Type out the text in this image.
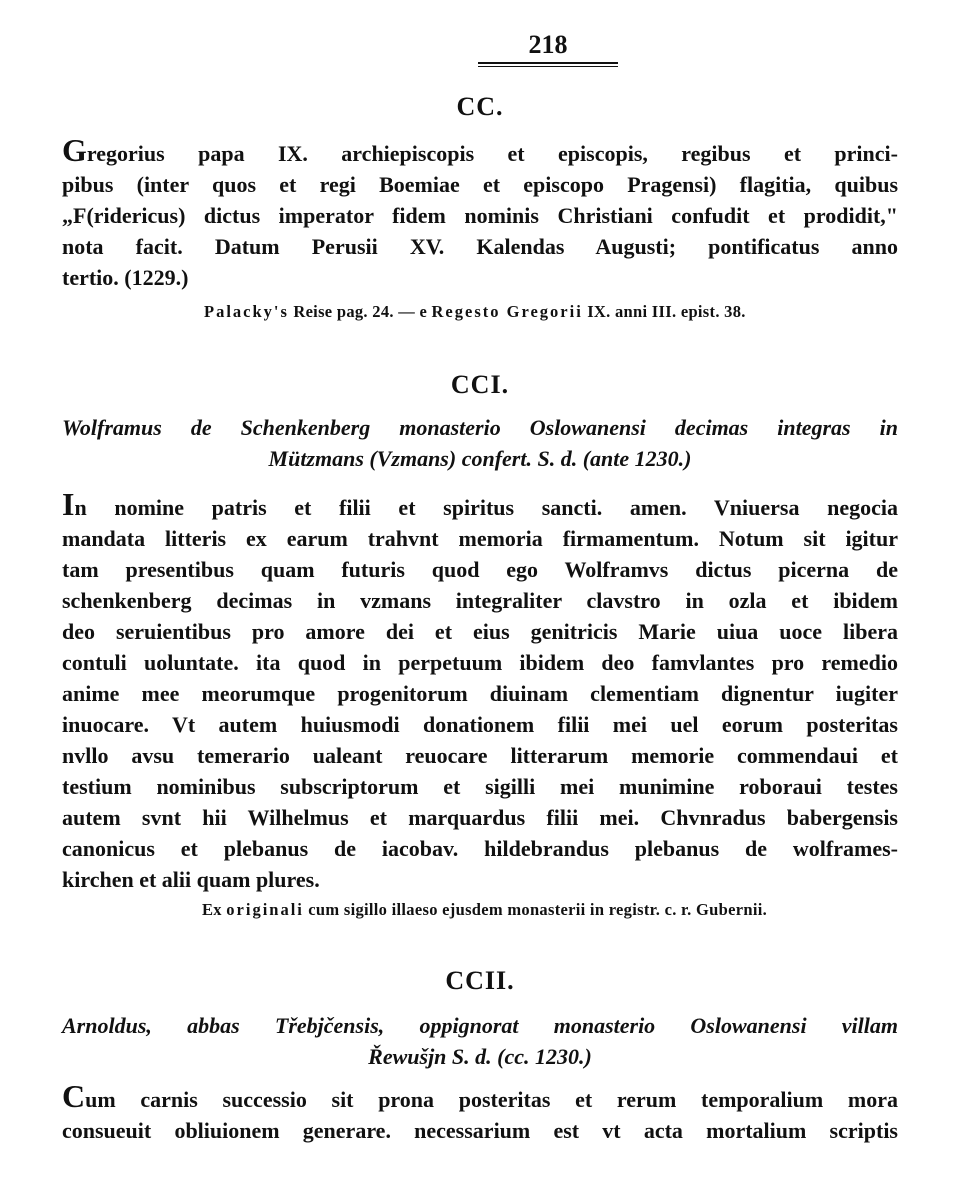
218
CC.
Gregorius papa IX. archiepiscopis et episcopis, regibus et princi-
pibus (inter quos et regi Boemiae et episcopo Pragensi) flagitia, quibus
„F(ridericus) dictus imperator fidem nominis Christiani confudit et prodidit,"
nota facit. Datum Perusii XV. Kalendas Augusti; pontificatus anno
tertio. (1229.)
Palacky's Reise pag. 24. — e Regesto Gregorii IX. anni III. epist. 38.
CCI.
Wolframus de Schenkenberg monasterio Oslowanensi decimas integras in
Mützmans (Vzmans) confert. S. d. (ante 1230.)
In nomine patris et filii et spiritus sancti. amen. Vniuersa negocia
mandata litteris ex earum trahvnt memoria firmamentum. Notum sit igitur
tam presentibus quam futuris quod ego Wolframvs dictus picerna de
schenkenberg decimas in vzmans integraliter clavstro in ozla et ibidem
deo seruientibus pro amore dei et eius genitricis Marie uiua uoce libera
contuli uoluntate. ita quod in perpetuum ibidem deo famvlantes pro remedio
anime mee meorumque progenitorum diuinam clementiam dignentur iugiter
inuocare. Vt autem huiusmodi donationem filii mei uel eorum posteritas
nvllo avsu temerario ualeant reuocare litterarum memorie commendaui et
testium nominibus subscriptorum et sigilli mei munimine roboraui testes
autem svnt hii Wilhelmus et marquardus filii mei. Chvnradus babergensis
canonicus et plebanus de iacobav. hildebrandus plebanus de wolframes-
kirchen et alii quam plures.
Ex originali cum sigillo illaeso ejusdem monasterii in registr. c. r. Gubernii.
CCII.
Arnoldus, abbas Třebjčensis, oppignorat monasterio Oslowanensi villam
Řewušjn S. d. (cc. 1230.)
Cum carnis successio sit prona posteritas et rerum temporalium mora
consueuit obliuionem generare. necessarium est vt acta mortalium scriptis
